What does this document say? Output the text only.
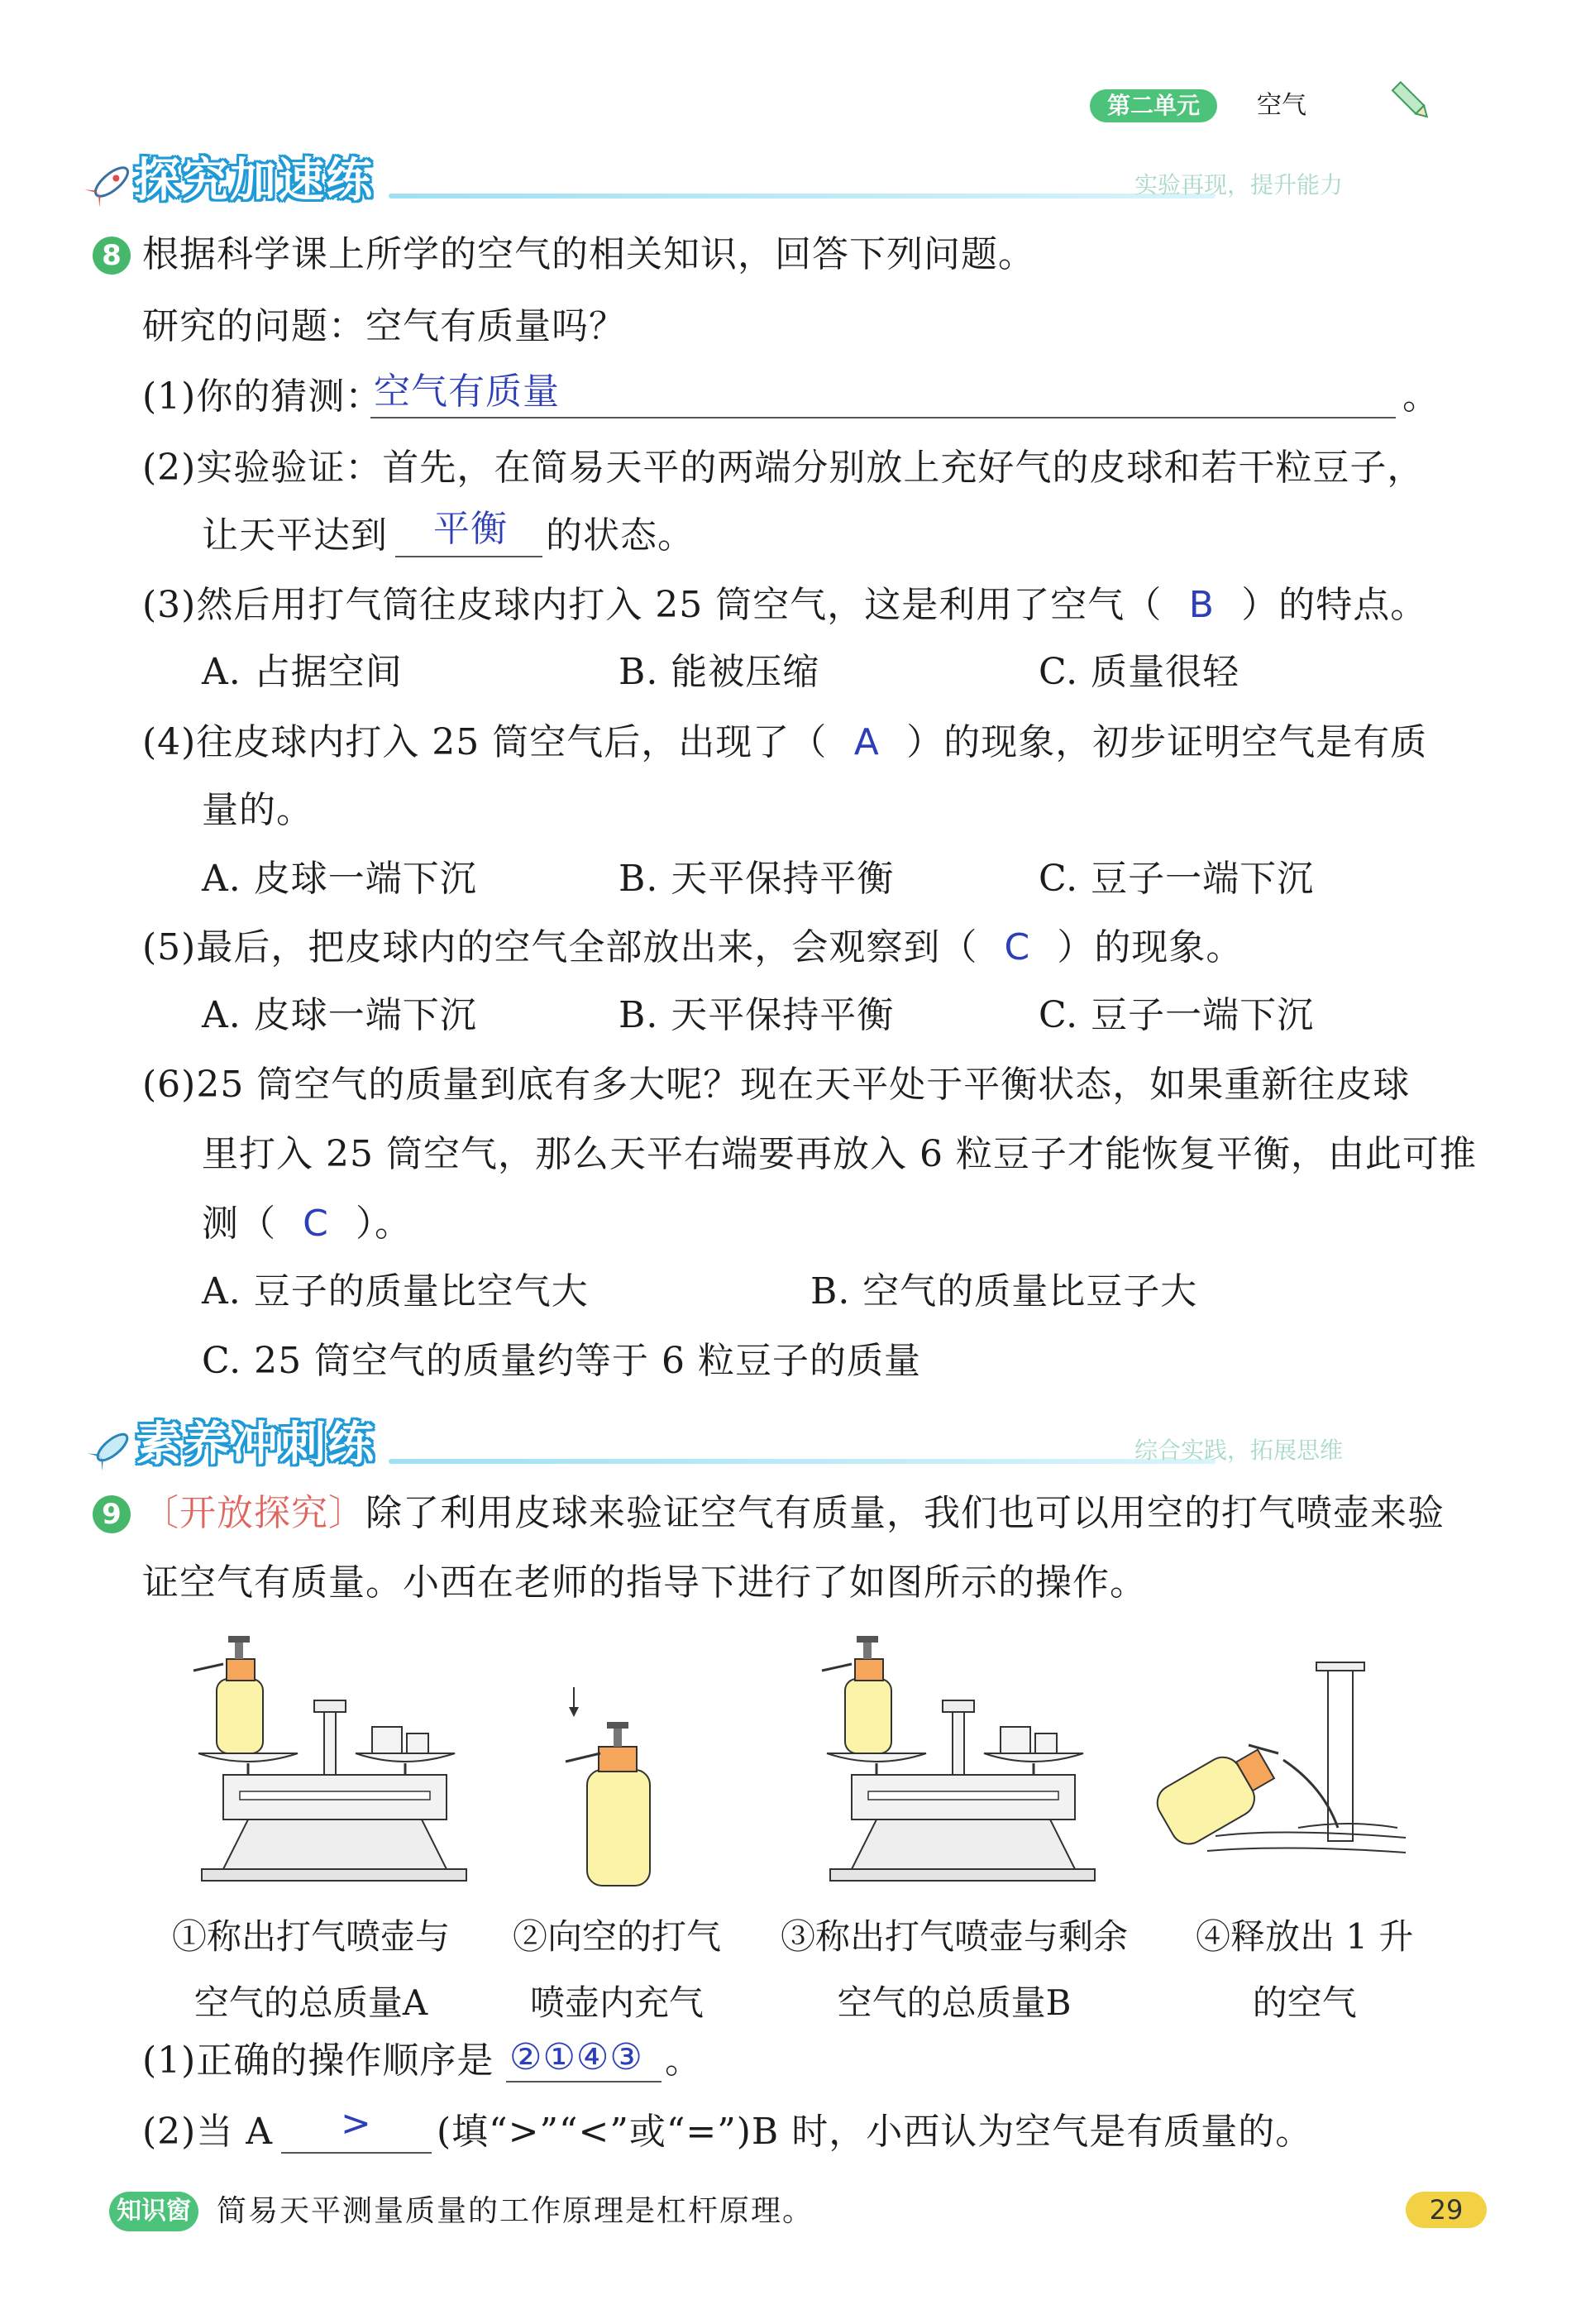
第二单元	空气
探究加速练	实验再现，提升能力
8 根据科学课上所学的空气的相关知识，回答下列问题。
研究的问题：空气有质量吗？
(1)你的猜测：
空气有质量	。
(2)实验验证：首先，在简易天平的两端分别放上充好气的皮球和若干粒豆子，
让天平达到 平衡 的状态。
(3)然后用打气筒往皮球内打入 25 筒空气，这是利用了空气（ B ）的特点。
A. 占据空间	B. 能被压缩	C. 质量很轻
(4)往皮球内打入 25 筒空气后，出现了（ A ）的现象，初步证明空气是有质
量的。
A. 皮球一端下沉	B. 天平保持平衡	C. 豆子一端下沉
(5)最后，把皮球内的空气全部放出来，会观察到（ C ）的现象。
A. 皮球一端下沉	B. 天平保持平衡	C. 豆子一端下沉
(6)25 筒空气的质量到底有多大呢？现在天平处于平衡状态，如果重新往皮球
里打入 25 筒空气，那么天平右端要再放入 6 粒豆子才能恢复平衡，由此可推
测（ C ）。
A. 豆子的质量比空气大	B. 空气的质量比豆子大
C. 25 筒空气的质量约等于 6 粒豆子的质量
素养冲刺练	综合实践，拓展思维
9 〔开放探究〕除了利用皮球来验证空气有质量，我们也可以用空的打气喷壶来验
证空气有质量。小西在老师的指导下进行了如图所示的操作。
①称出打气喷壶与
空气的总质量A
②向空的打气
喷壶内充气
③称出打气喷壶与剩余
空气的总质量B
④释放出 1 升
的空气
(1)正确的操作顺序是 ②①④③ 。
(2)当 A > (填“>”“<”或“=”)B 时，小西认为空气是有质量的。
知识窗 简易天平测量质量的工作原理是杠杆原理。	29
